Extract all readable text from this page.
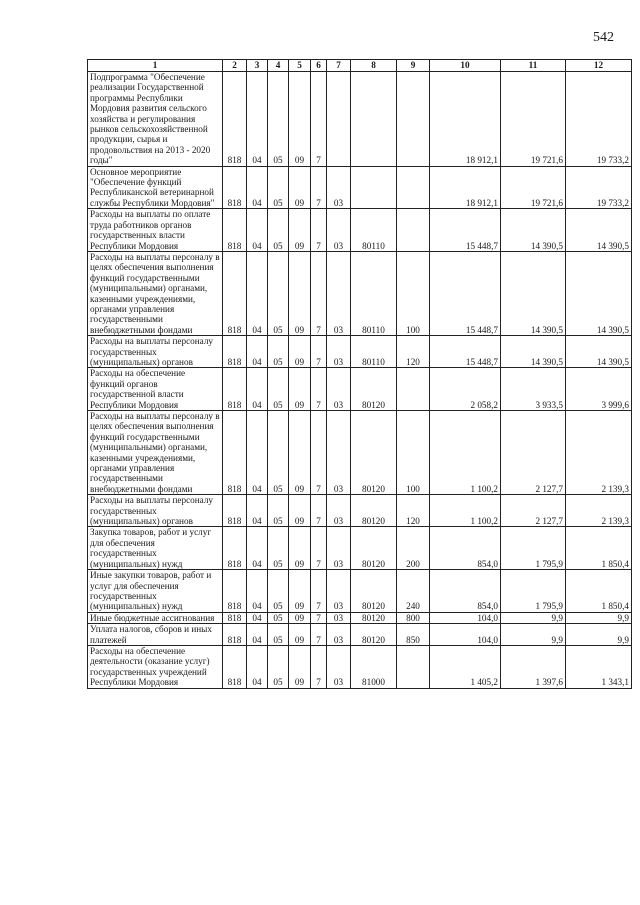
542
1	2	3	4	5	6	7	8	9	10	11	12
Подпрограмма "Обеспечение реализации Государственной программы Республики Мордовия развития сельского хозяйства и регулирования рынков сельскохозяйственной продукции, сырья и продовольствия на 2013 - 2020 годы"	818	04	05	09	7				18 912,1	19 721,6	19 733,2
Основное мероприятие "Обеспечение функций Республиканской ветеринарной службы Республики Мордовия"	818	04	05	09	7	03			18 912,1	19 721,6	19 733,2
Расходы на выплаты по оплате труда работников органов государственных власти Республики Мордовия	818	04	05	09	7	03	80110		15 448,7	14 390,5	14 390,5
Расходы на выплаты персоналу в целях обеспечения выполнения функций государственными (муниципальными) органами, казенными учреждениями, органами управления государственными внебюджетными фондами	818	04	05	09	7	03	80110	100	15 448,7	14 390,5	14 390,5
Расходы на выплаты персоналу государственных (муниципальных) органов	818	04	05	09	7	03	80110	120	15 448,7	14 390,5	14 390,5
Расходы на обеспечение функций органов государственной власти Республики Мордовия	818	04	05	09	7	03	80120		2 058,2	3 933,5	3 999,6
Расходы на выплаты персоналу в целях обеспечения выполнения функций государственными (муниципальными) органами, казенными учреждениями, органами управления государственными внебюджетными фондами	818	04	05	09	7	03	80120	100	1 100,2	2 127,7	2 139,3
Расходы на выплаты персоналу государственных (муниципальных) органов	818	04	05	09	7	03	80120	120	1 100,2	2 127,7	2 139,3
Закупка товаров, работ и услуг для обеспечения государственных (муниципальных) нужд	818	04	05	09	7	03	80120	200	854,0	1 795,9	1 850,4
Иные закупки товаров, работ и услуг для обеспечения государственных (муниципальных) нужд	818	04	05	09	7	03	80120	240	854,0	1 795,9	1 850,4
Иные бюджетные ассигнования	818	04	05	09	7	03	80120	800	104,0	9,9	9,9
Уплата налогов, сборов и иных платежей	818	04	05	09	7	03	80120	850	104,0	9,9	9,9
Расходы на обеспечение деятельности (оказание услуг) государственных учреждений Республики Мордовия	818	04	05	09	7	03	81000		1 405,2	1 397,6	1 343,1
